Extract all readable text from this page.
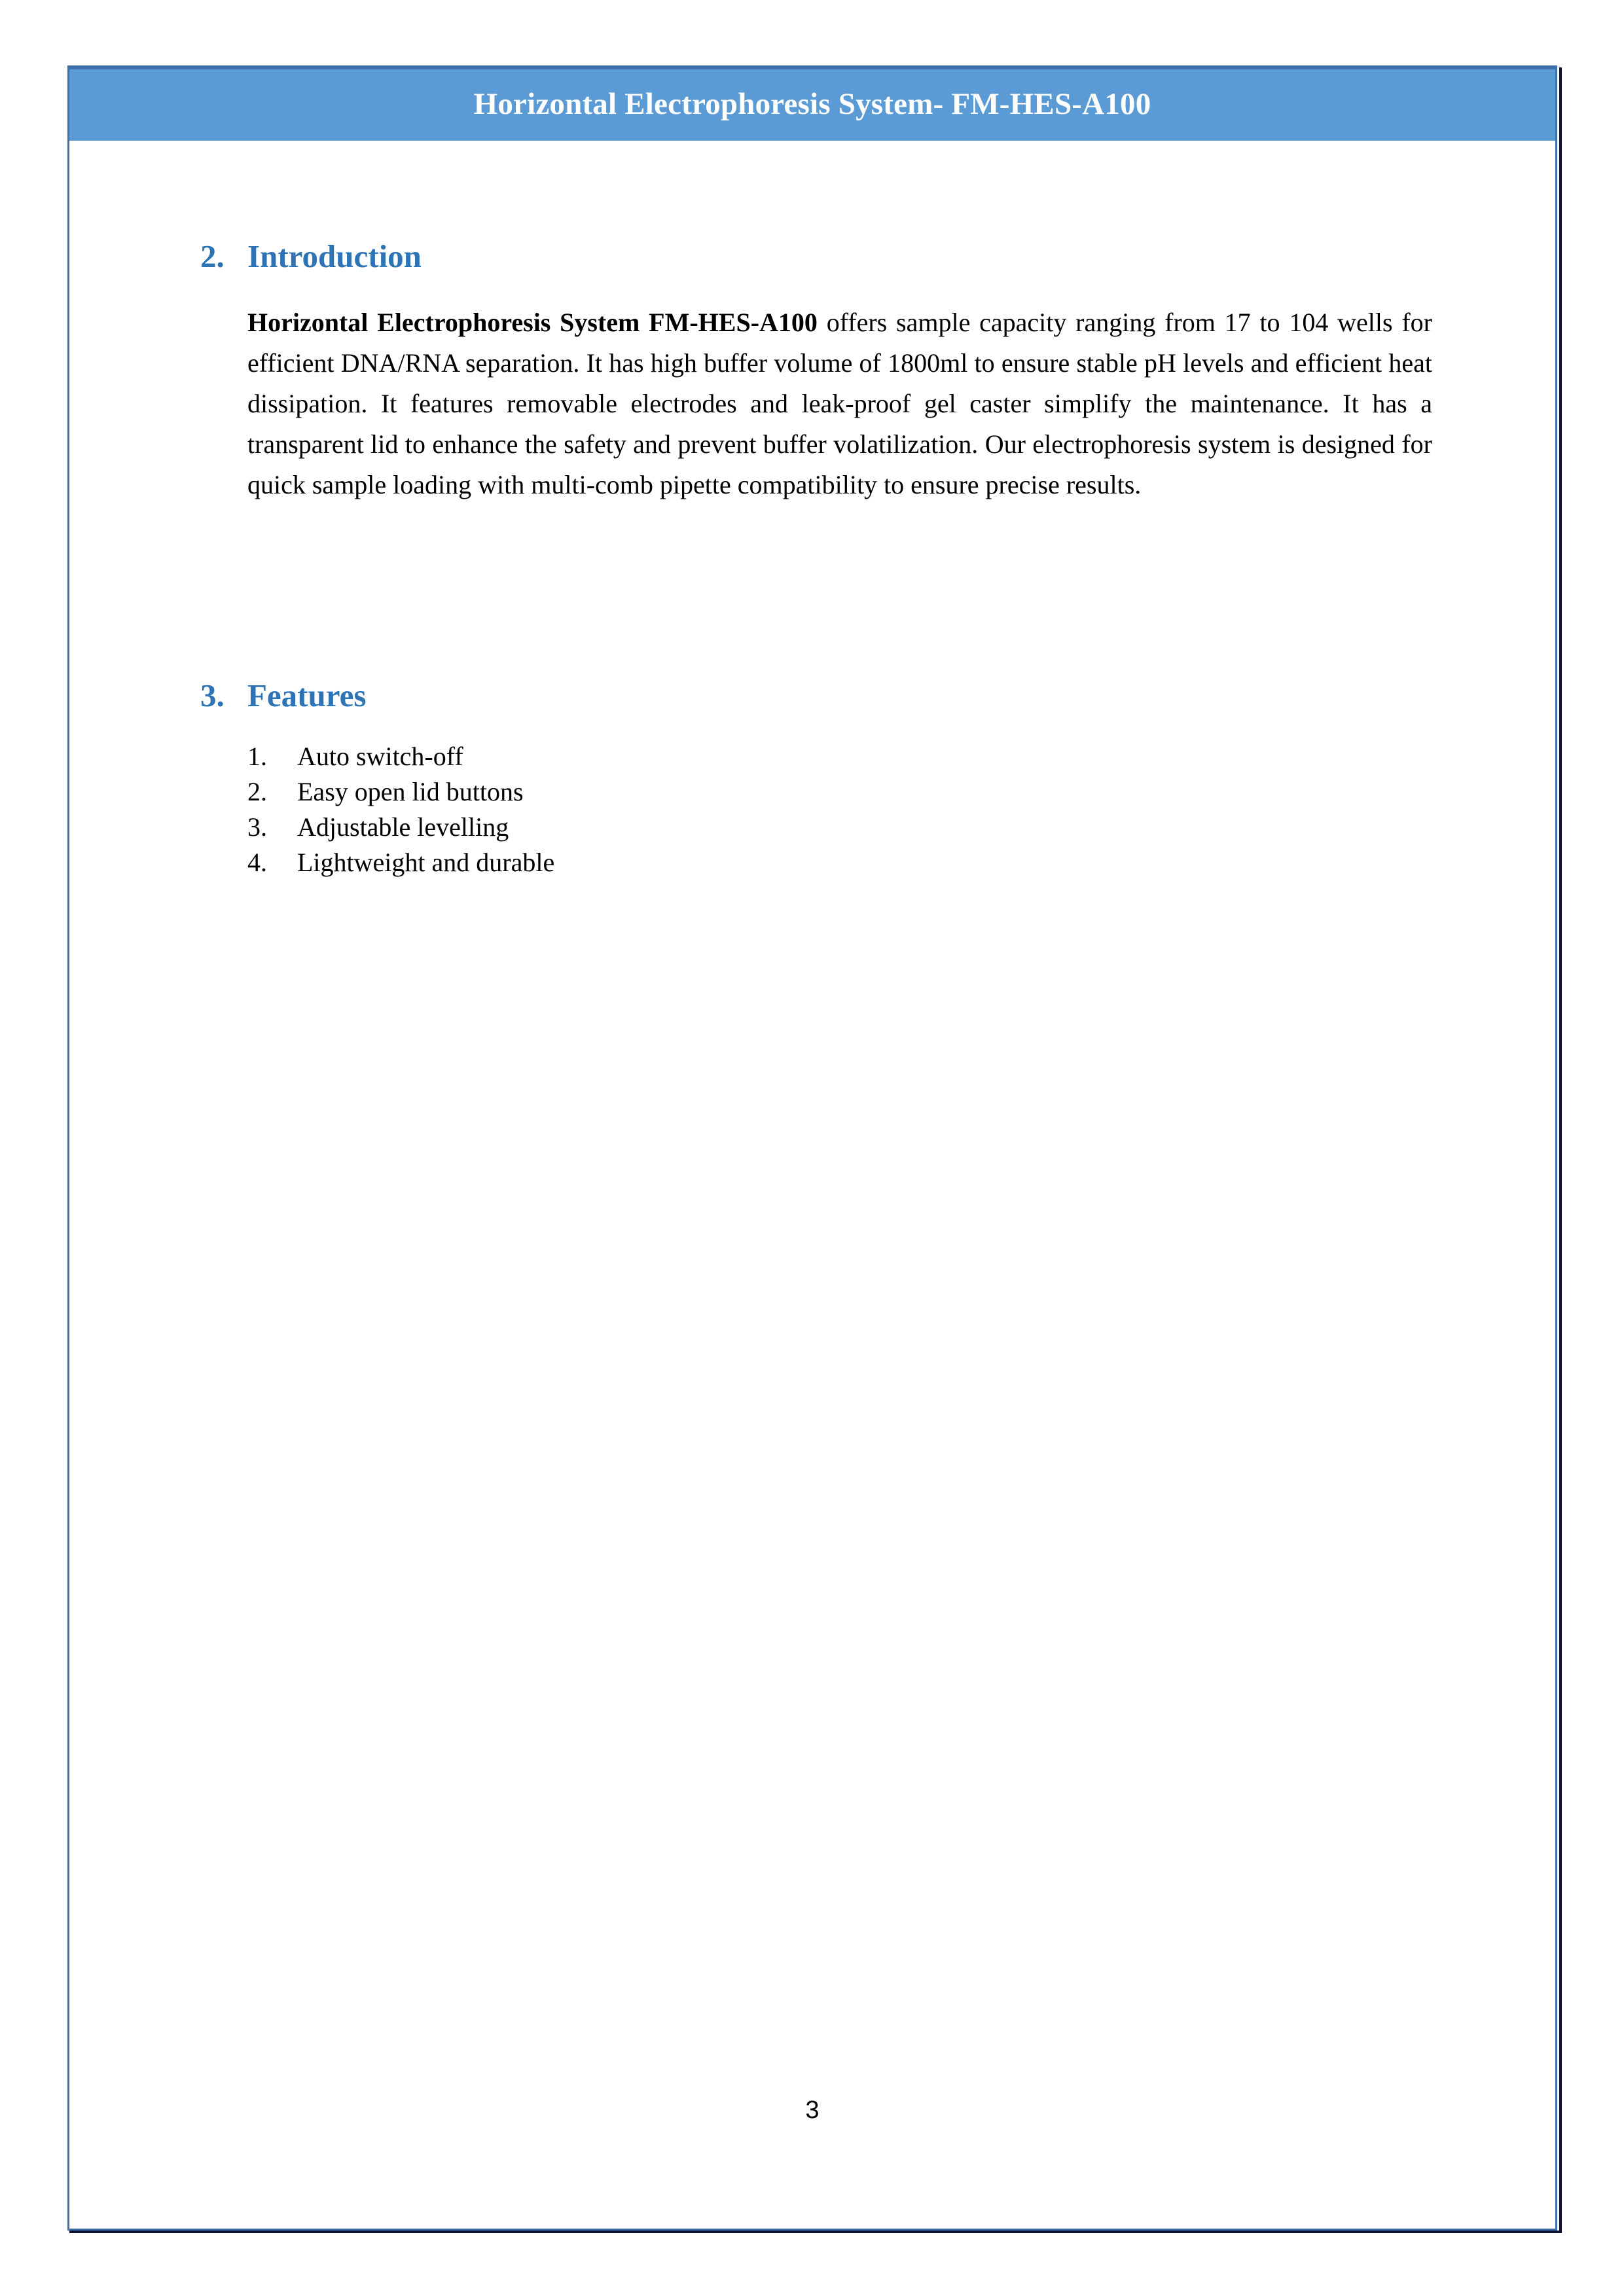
Horizontal Electrophoresis System- FM-HES-A100
2. Introduction

Horizontal Electrophoresis System FM-HES-A100 offers sample capacity ranging from 17 to 104 wells for efficient DNA/RNA separation. It has high buffer volume of 1800ml to ensure stable pH levels and efficient heat dissipation. It features removable electrodes and leak-proof gel caster simplify the maintenance. It has a transparent lid to enhance the safety and prevent buffer volatilization. Our electrophoresis system is designed for quick sample loading with multi-comb pipette compatibility to ensure precise results.

3. Features
1.	Auto switch-off
2.	Easy open lid buttons
3.	Adjustable levelling
4.	Lightweight and durable
3
